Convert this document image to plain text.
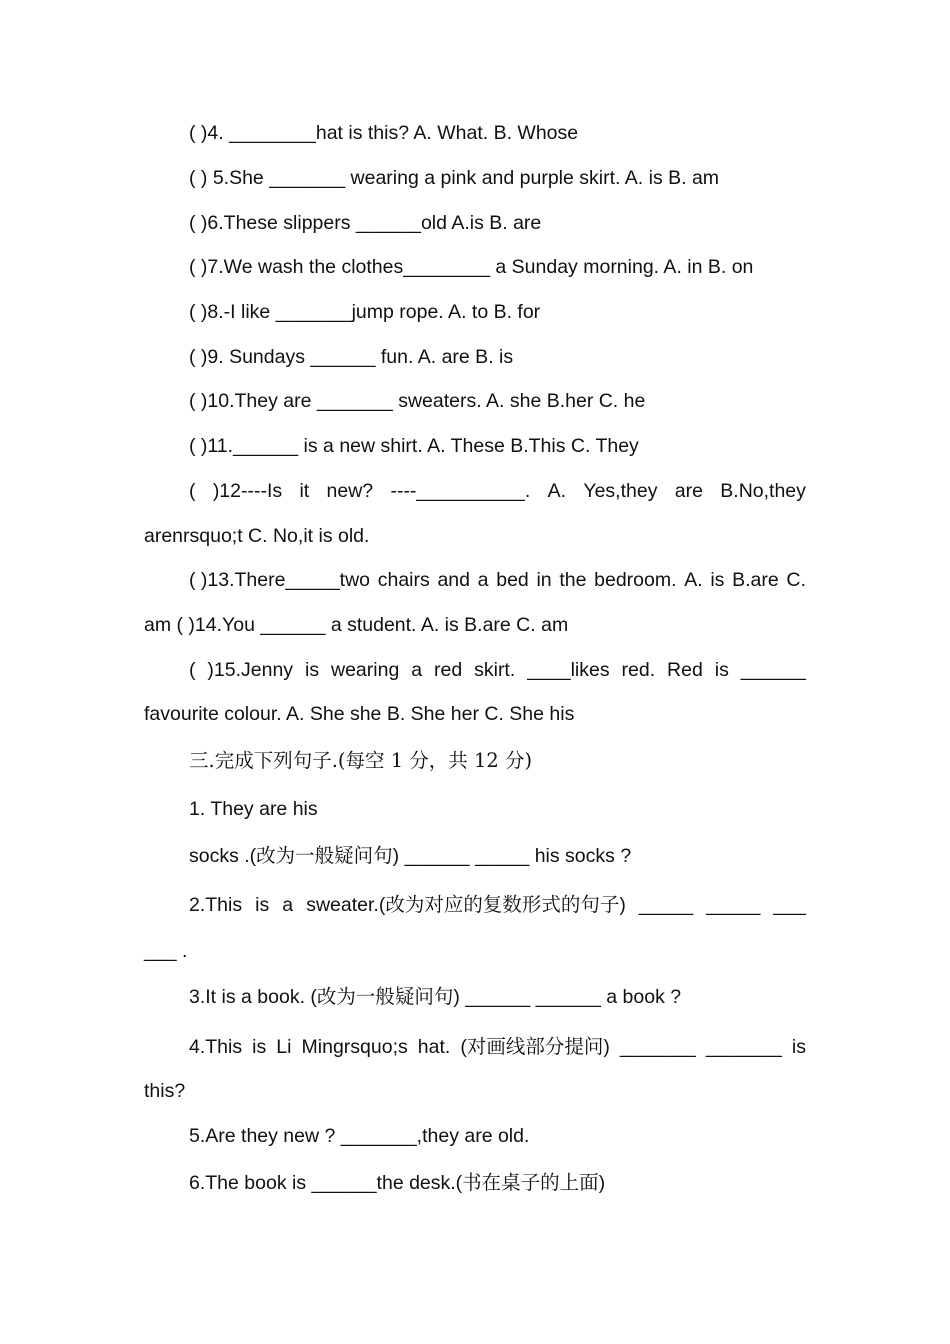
( )4. ________hat is this? A. What. B. Whose
( ) 5.She _______ wearing a pink and purple skirt. A. is B. am
( )6.These slippers ______old A.is B. are
( )7.We wash the clothes________ a Sunday morning. A. in B. on
( )8.-I like _______jump rope. A. to B. for
( )9. Sundays ______ fun. A. are B. is
( )10.They are _______ sweaters. A. she B.her C. he
( )11.______ is a new shirt. A. These B.This C. They
( )12----Is it new? ----__________. A. Yes,they are B.No,they
arenrsquo;t C. No,it is old.
( )13.There_____two chairs and a bed in the bedroom. A. is B.are C.
am ( )14.You ______ a student. A. is B.are C. am
( )15.Jenny is wearing a red skirt. ____likes red. Red is ______
favourite colour. A. She she B. She her C. She his
三.完成下列句子.(每空 1 分，共 12 分)
1. They are his
socks .(改为一般疑问句) ______ _____ his socks ?
2.This is a sweater.(改为对应的复数形式的句子) _____ _____ ___
___ .
3.It is a book. (改为一般疑问句) ______ ______ a book ?
4.This is Li Mingrsquo;s hat. (对画线部分提问) _______ _______ is
this?
5.Are they new ? _______,they are old.
6.The book is ______the desk.(书在桌子的上面)
